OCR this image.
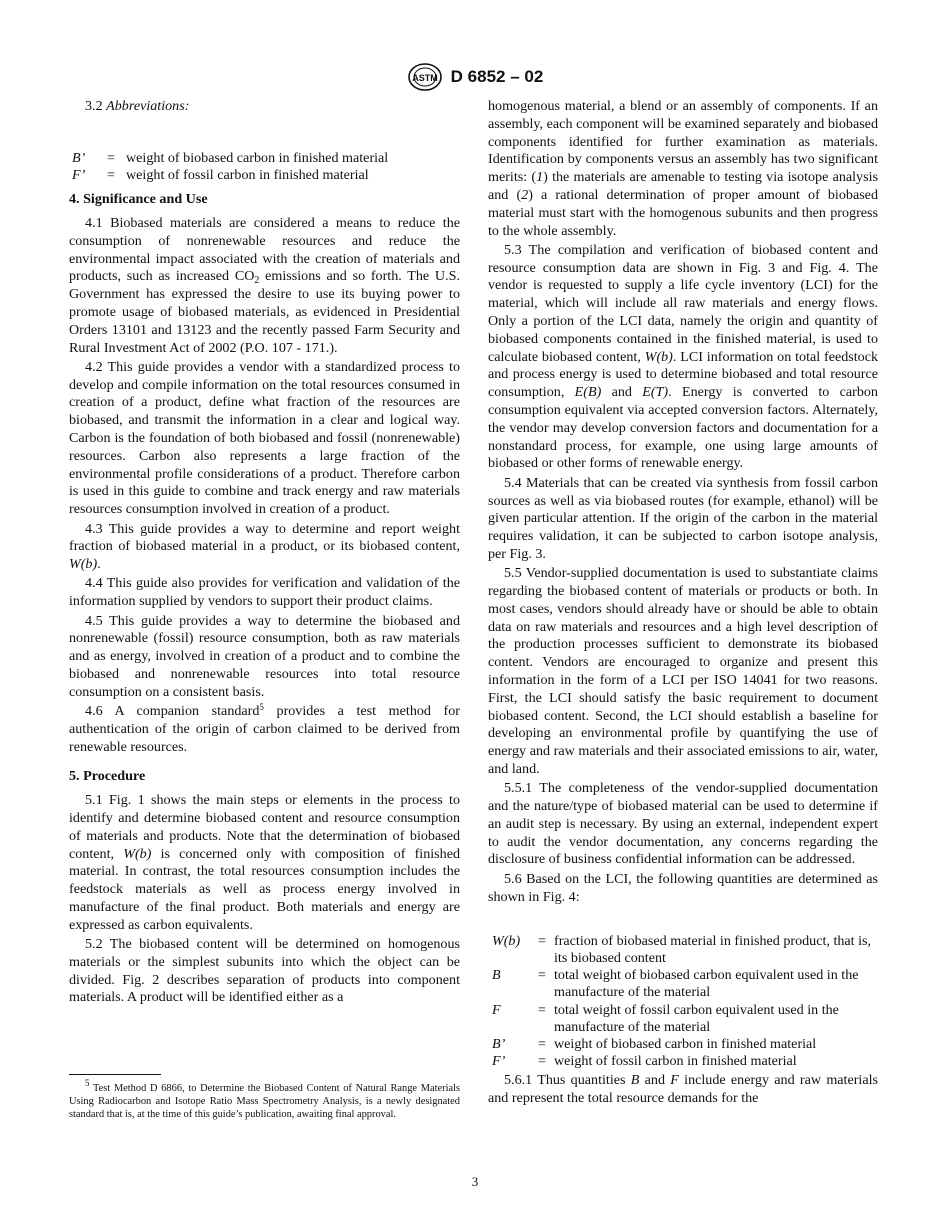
ASTM D 6852 – 02
3.2 Abbreviations:
B’	=	weight of biobased carbon in finished material
F’	=	weight of fossil carbon in finished material
4. Significance and Use

4.1 Biobased materials are considered a means to reduce the consumption of nonrenewable resources and reduce the environmental impact associated with the creation of materials and products, such as increased $CO_2$ emissions and so forth. The U.S. Government has expressed the desire to use its buying power to promote usage of biobased materials, as evidenced in Presidential Orders 13101 and 13123 and the recently passed Farm Security and Rural Investment Act of 2002 (P.O. 107 - 171.).

4.2 This guide provides a vendor with a standardized process to develop and compile information on the total resources consumed in creation of a product, define what fraction of the resources are biobased, and transmit the information in a clear and logical way. Carbon is the foundation of both biobased and fossil (nonrenewable) resources. Carbon also represents a large fraction of the environmental profile considerations of a product. Therefore carbon is used in this guide to combine and track energy and raw materials resources consumption involved in creation of a product.

4.3 This guide provides a way to determine and report weight fraction of biobased material in a product, or its biobased content, W(b).

4.4 This guide also provides for verification and validation of the information supplied by vendors to support their product claims.

4.5 This guide provides a way to determine the biobased and nonrenewable (fossil) resource consumption, both as raw materials and as energy, involved in creation of a product and to combine the biobased and nonrenewable resources into total resource consumption on a consistent basis.

4.6 A companion standard$^5$ provides a test method for authentication of the origin of carbon claimed to be derived from renewable resources.

5. Procedure

5.1 Fig. 1 shows the main steps or elements in the process to identify and determine biobased content and resource consumption of materials and products. Note that the determination of biobased content, W(b) is concerned only with composition of finished material. In contrast, the total resources consumption includes the feedstock materials as well as process energy involved in manufacture of the final product. Both materials and energy are expressed as carbon equivalents.

5.2 The biobased content will be determined on homogenous materials or the simplest subunits into which the object can be divided. Fig. 2 describes separation of products into component materials. A product will be identified either as a

homogenous material, a blend or an assembly of components. If an assembly, each component will be examined separately and biobased components identified for further examination as materials. Identification by components versus an assembly has two significant merits: (1) the materials are amenable to testing via isotope analysis and (2) a rational determination of proper amount of biobased material must start with the homogenous subunits and then progress to the whole assembly.

5.3 The compilation and verification of biobased content and resource consumption data are shown in Fig. 3 and Fig. 4. The vendor is requested to supply a life cycle inventory (LCI) for the material, which will include all raw materials and energy flows. Only a portion of the LCI data, namely the origin and quantity of biobased components contained in the finished material, is used to calculate biobased content, W(b). LCI information on total feedstock and process energy is used to determine biobased and total resource consumption, E(B) and E(T). Energy is converted to carbon consumption equivalent via accepted conversion factors. Alternately, the vendor may develop conversion factors and documentation for a nonstandard process, for example, one using large amounts of biobased or other forms of renewable energy.

5.4 Materials that can be created via synthesis from fossil carbon sources as well as via biobased routes (for example, ethanol) will be given particular attention. If the origin of the carbon in the material requires validation, it can be subjected to carbon isotope analysis, per Fig. 3.

5.5 Vendor-supplied documentation is used to substantiate claims regarding the biobased content of materials or products or both. In most cases, vendors should already have or should be able to obtain data on raw materials and resources and a high level description of the production processes sufficient to demonstrate its biobased content. Vendors are encouraged to organize and present this information in the form of a LCI per ISO 14041 for two reasons. First, the LCI should satisfy the basic requirement to document biobased content. Second, the LCI should establish a baseline for developing an environmental profile by quantifying the use of energy and raw materials and their associated emissions to air, water, and land.

5.5.1 The completeness of the vendor-supplied documentation and the nature/type of biobased material can be used to determine if an audit step is necessary. By using an external, independent expert to audit the vendor documentation, any concerns regarding the disclosure of business confidential information can be addressed.

5.6 Based on the LCI, the following quantities are determined as shown in Fig. 4:

W(b)	=	fraction of biobased material in finished product, that is, its biobased content
B	=	total weight of biobased carbon equivalent used in the manufacture of the material
F	=	total weight of fossil carbon equivalent used in the manufacture of the material
B’	=	weight of biobased carbon in finished material
F’	=	weight of fossil carbon in finished material

5.6.1 Thus quantities B and F include energy and raw materials and represent the total resource demands for the

$^5$ Test Method D 6866, to Determine the Biobased Content of Natural Range Materials Using Radiocarbon and Isotope Ratio Mass Spectrometry Analysis, is a newly designated standard that is, at the time of this guide’s publication, awaiting final approval.

3
